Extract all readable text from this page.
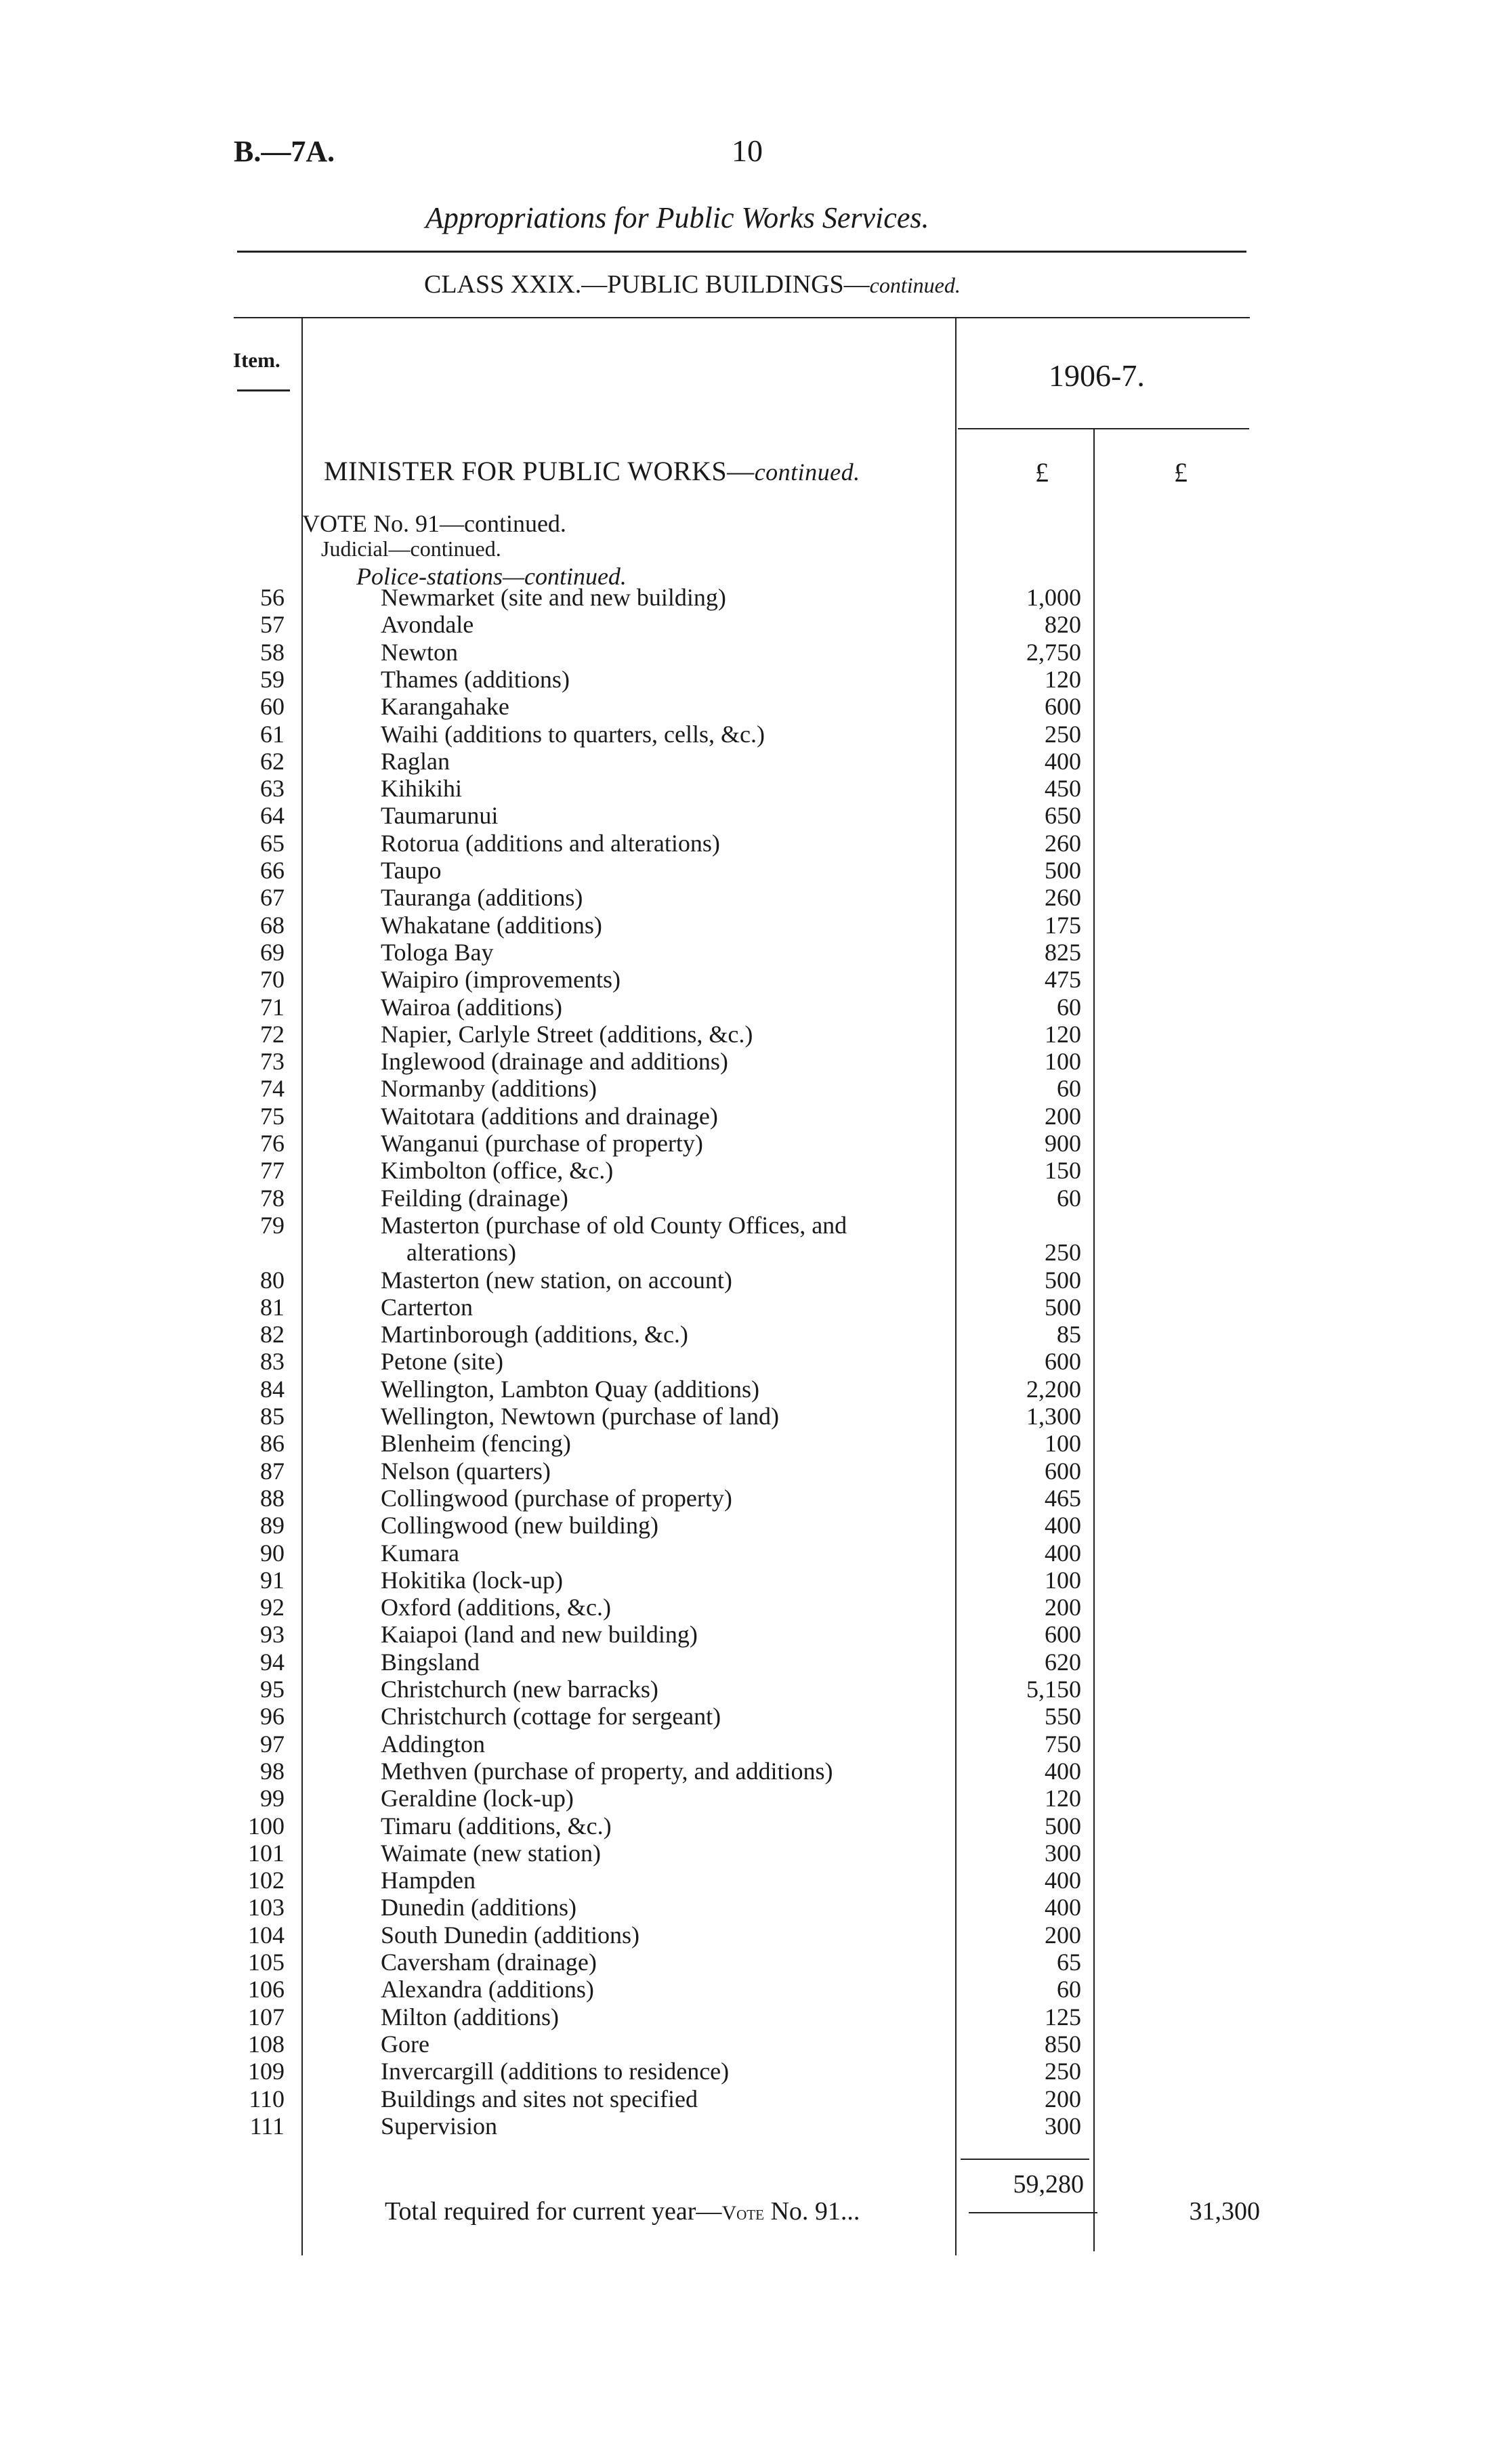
B.—7A.	10
Appropriations for Public Works Services.
CLASS XXIX.—PUBLIC BUILDINGS—continued.
Item.	1906-7.
MINISTER FOR PUBLIC WORKS—continued.	£	£
VOTE No. 91—continued.
Judicial—continued.
Police-stations—continued.
56	Newmarket (site and new building)	1,000
57	Avondale	820
58	Newton	2,750
59	Thames (additions)	120
60	Karangahake	600
61	Waihi (additions to quarters, cells, &c.)	250
62	Raglan	400
63	Kihikihi	450
64	Taumarunui	650
65	Rotorua (additions and alterations)	260
66	Taupo	500
67	Tauranga (additions)	260
68	Whakatane (additions)	175
69	Tologa Bay	825
70	Waipiro (improvements)	475
71	Wairoa (additions)	60
72	Napier, Carlyle Street (additions, &c.)	120
73	Inglewood (drainage and additions)	100
74	Normanby (additions)	60
75	Waitotara (additions and drainage)	200
76	Wanganui (purchase of property)	900
77	Kimbolton (office, &c.)	150
78	Feilding (drainage)	60
79	Masterton (purchase of old County Offices, and
alterations)	250
80	Masterton (new station, on account)	500
81	Carterton	500
82	Martinborough (additions, &c.)	85
83	Petone (site)	600
84	Wellington, Lambton Quay (additions)	2,200
85	Wellington, Newtown (purchase of land)	1,300
86	Blenheim (fencing)	100
87	Nelson (quarters)	600
88	Collingwood (purchase of property)	465
89	Collingwood (new building)	400
90	Kumara	400
91	Hokitika (lock-up)	100
92	Oxford (additions, &c.)	200
93	Kaiapoi (land and new building)	600
94	Bingsland	620
95	Christchurch (new barracks)	5,150
96	Christchurch (cottage for sergeant)	550
97	Addington	750
98	Methven (purchase of property, and additions)	400
99	Geraldine (lock-up)	120
100	Timaru (additions, &c.)	500
101	Waimate (new station)	300
102	Hampden	400
103	Dunedin (additions)	400
104	South Dunedin (additions)	200
105	Caversham (drainage)	65
106	Alexandra (additions)	60
107	Milton (additions)	125
108	Gore	850
109	Invercargill (additions to residence)	250
110	Buildings and sites not specified	200
111	Supervision	300
59,280
Total required for current year—Vote No. 91...	31,300
